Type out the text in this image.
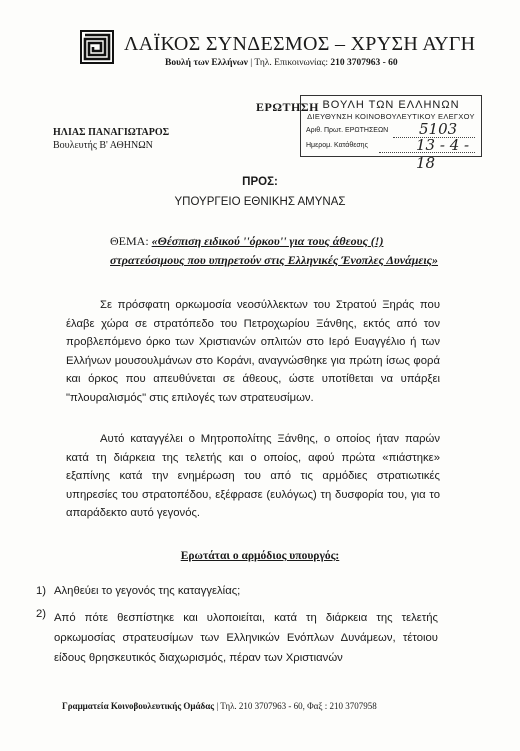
ΛΑΪΚΟΣ ΣΥΝΔΕΣΜΟΣ – ΧΡΥΣΗ ΑΥΓΗ
Βουλή των Ελλήνων | Τηλ. Επικοινωνίας: 210 3707963 - 60
ΕΡΩΤΗΣΗ ΒΟΥΛΗ ΤΩΝ ΕΛΛΗΝΩΝ
ΔΙΕΥΘΥΝΣΗ ΚΟΙΝΟΒΟΥΛΕΥΤΙΚΟΥ ΕΛΕΓΧΟΥ
Αριθ. Πρωτ. ΕΡΩΤΗΣΕΩΝ 5103
Ημερομ. Κατάθεσης	13 - 4 - 18
ΗΛΙΑΣ ΠΑΝΑΓΙΩΤΑΡΟΣ
Βουλευτής Β' ΑΘΗΝΩΝ
ΠΡΟΣ:
ΥΠΟΥΡΓΕΙΟ ΕΘΝΙΚΗΣ ΑΜΥΝΑΣ
ΘΕΜΑ: «Θέσπιση ειδικού ''όρκου'' για τους άθεους (!) στρατεύσιμους που υπηρετούν στις Ελληνικές Ένοπλες Δυνάμεις»
Σε πρόσφατη ορκωμοσία νεοσύλλεκτων του Στρατού Ξηράς που έλαβε χώρα σε στρατόπεδο του Πετροχωρίου Ξάνθης, εκτός από τον προβλεπόμενο όρκο των Χριστιανών οπλιτών στο Ιερό Ευαγγέλιο ή των Ελλήνων μουσουλμάνων στο Κοράνι, αναγνώσθηκε για πρώτη ίσως φορά και όρκος που απευθύνεται σε άθεους, ώστε υποτίθεται να υπάρξει "πλουραλισμός" στις επιλογές των στρατευσίμων.
Αυτό καταγγέλει ο Μητροπολίτης Ξάνθης, ο οποίος ήταν παρών κατά τη διάρκεια της τελετής και ο οποίος, αφού πρώτα «πιάστηκε» εξαπίνης κατά την ενημέρωση του από τις αρμόδιες στρατιωτικές υπηρεσίες του στρατοπέδου, εξέφρασε (ευλόγως) τη δυσφορία του, για το απαράδεκτο αυτό γεγονός.
Ερωτάται ο αρμόδιος υπουργός:
1) Αληθεύει το γεγονός της καταγγελίας;
2) Από πότε θεσπίστηκε και υλοποιείται, κατά τη διάρκεια της τελετής ορκωμοσίας στρατευσίμων των Ελληνικών Ενόπλων Δυνάμεων, τέτοιου είδους θρησκευτικός διαχωρισμός, πέραν των Χριστιανών
Γραμματεία Κοινοβουλευτικής Ομάδας | Τηλ. 210 3707963 - 60, Φαξ : 210 3707958
